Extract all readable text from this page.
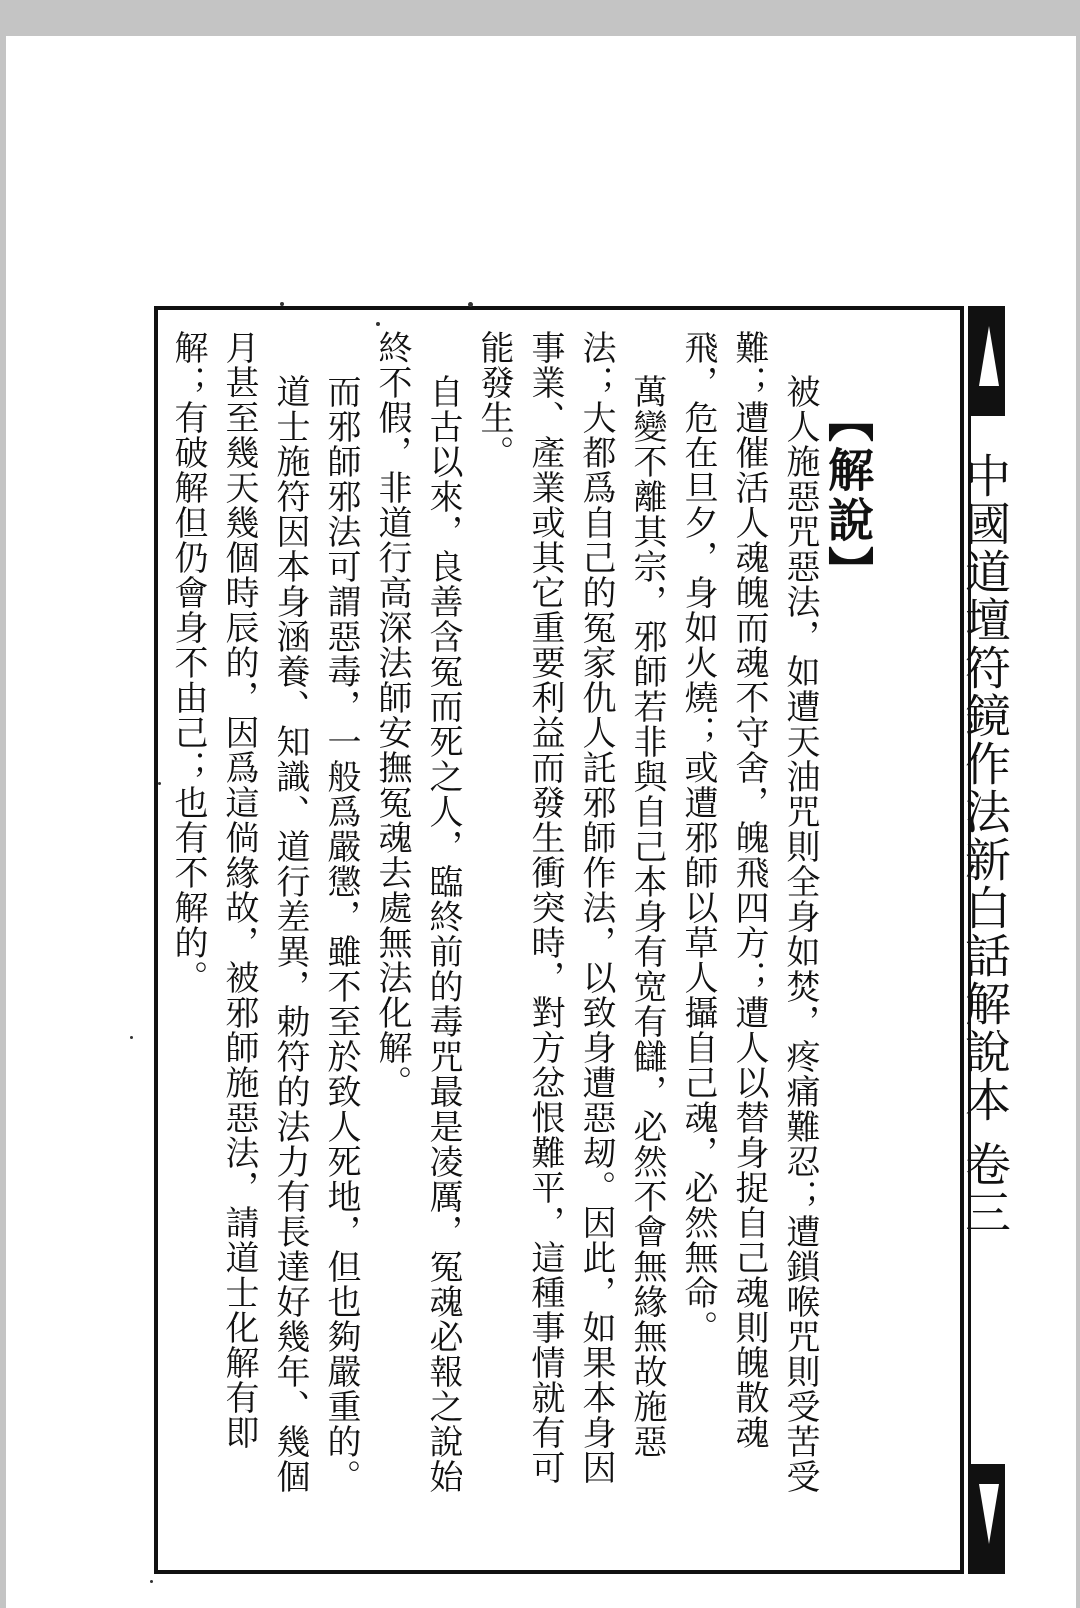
中國道壇符鏡作法新白話解說本 卷三
【解說】

被人施惡咒惡法，如遭天油咒則全身如焚，疼痛難忍；遭鎖喉咒則受苦受難；遭催活人魂魄而魂不守舍，魄飛四方；遭人以替身捉自己魂則魄散魂飛，危在旦夕，身如火燒；或遭邪師以草人攝自己魂，必然無命。

萬變不離其宗，邪師若非與自己本身有宽有讎，必然不會無緣無故施惡法；大都爲自己的冤家仇人託邪師作法，以致身遭惡刼。因此，如果本身因事業、產業或其它重要利益而發生衝突時，對方忿恨難平，這種事情就有可能發生。

自古以來，良善含冤而死之人，臨終前的毒咒最是凌厲，冤魂必報之說始終不假，非道行高深法師安撫冤魂去處無法化解。

而邪師邪法可謂惡毒，一般爲嚴懲，雖不至於致人死地，但也夠嚴重的。

道士施符因本身涵養、知識、道行差異，勅符的法力有長達好幾年、幾個月甚至幾天幾個時辰的，因爲這倘緣故，被邪師施惡法，請道士化解有即解；有破解但仍會身不由己；也有不解的。
